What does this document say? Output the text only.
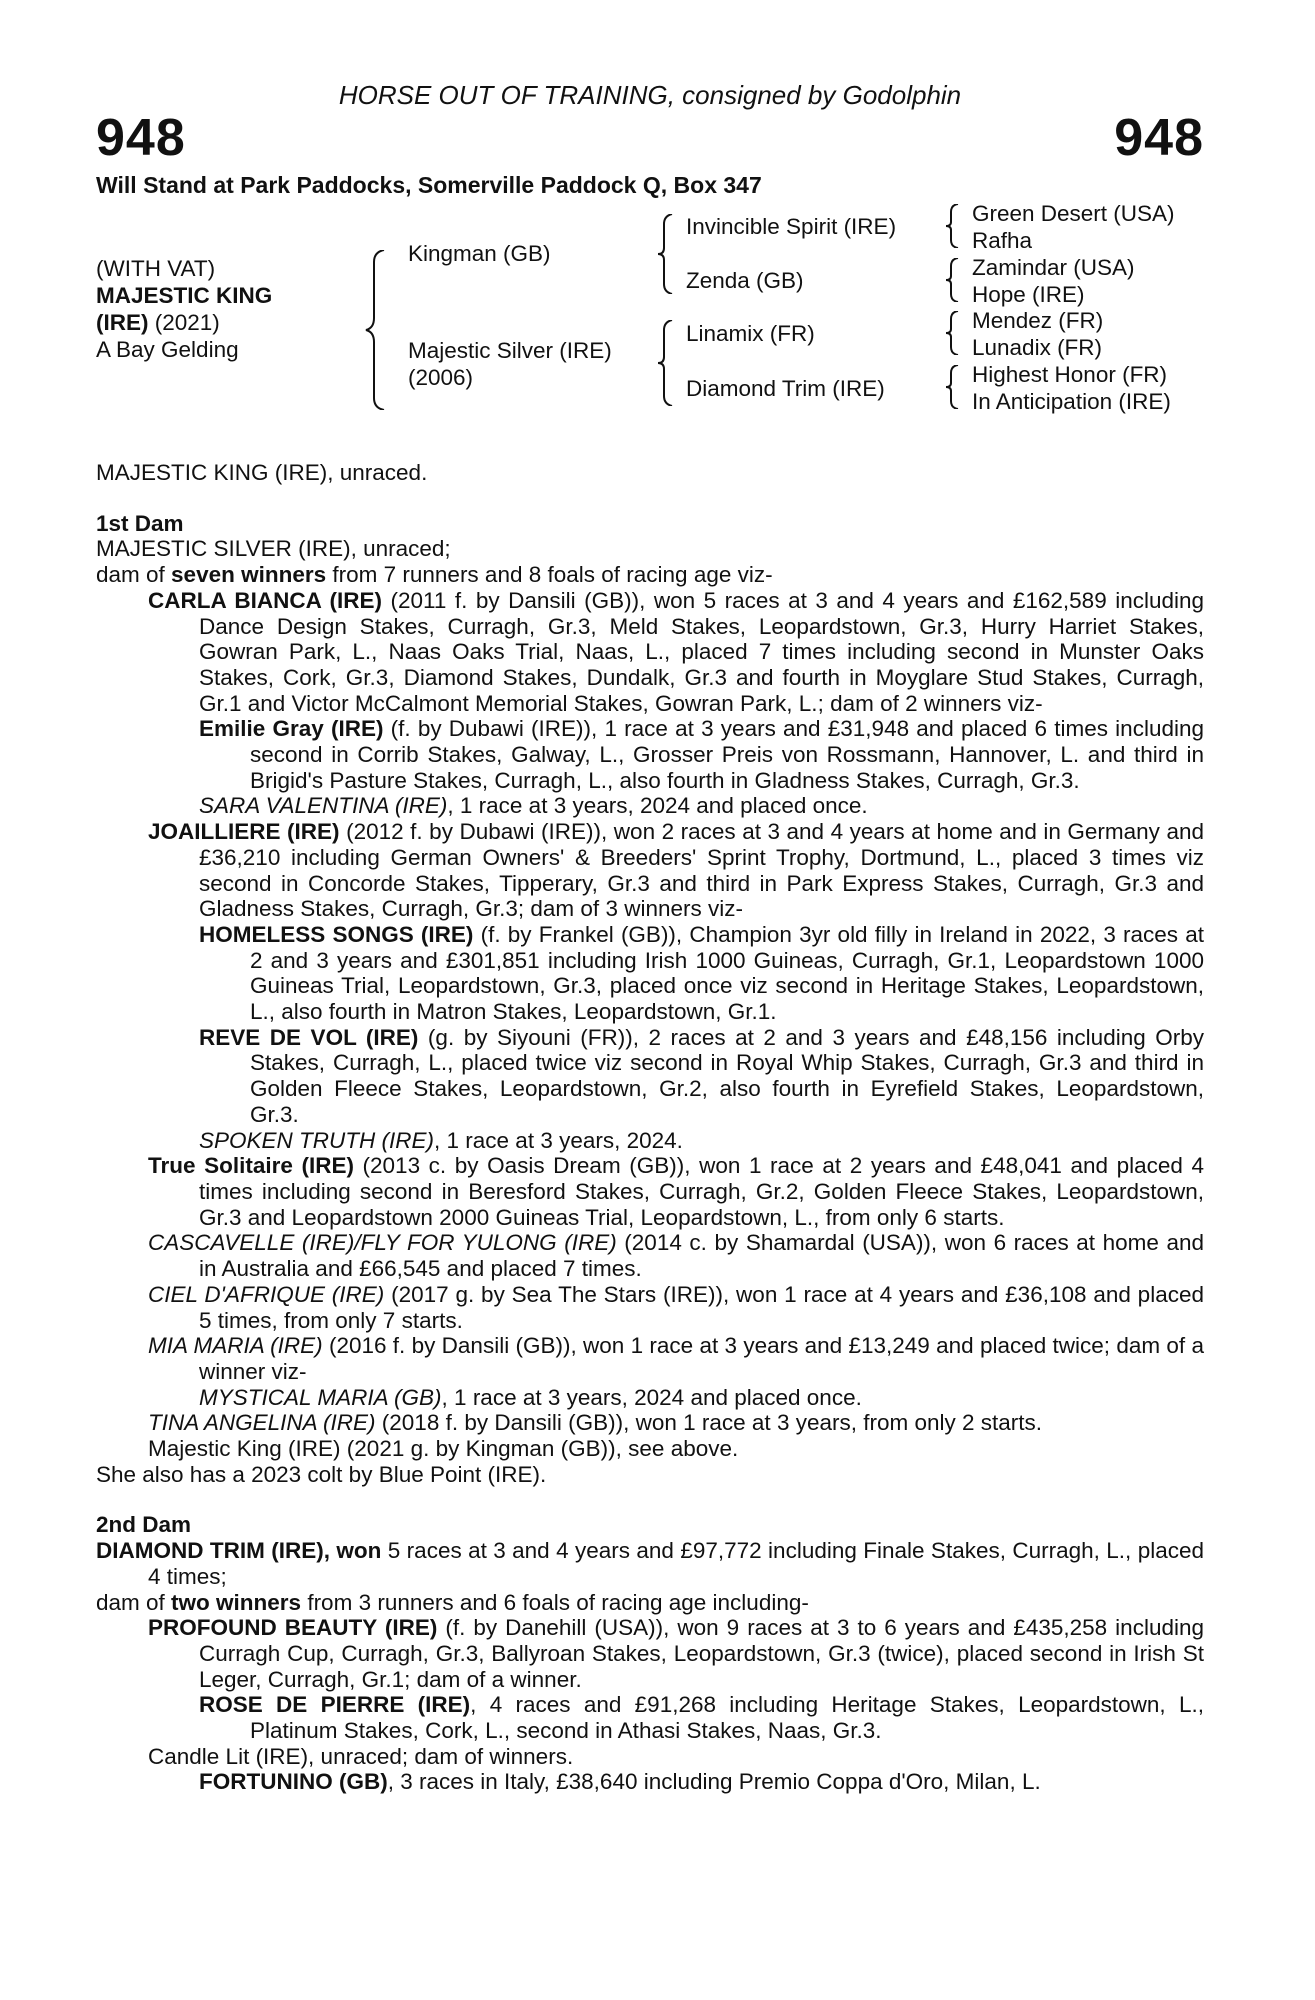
HORSE OUT OF TRAINING, consigned by Godolphin
948	948
Will Stand at Park Paddocks, Somerville Paddock Q, Box 347
(WITH VAT)
MAJESTIC KING
(IRE) (2021)
A Bay Gelding
Kingman (GB)
Majestic Silver (IRE)
(2006)
Invincible Spirit (IRE)
Zenda (GB)
Linamix (FR)
Diamond Trim (IRE)
Green Desert (USA)
Rafha
Zamindar (USA)
Hope (IRE)
Mendez (FR)
Lunadix (FR)
Highest Honor (FR)
In Anticipation (IRE)

MAJESTIC KING (IRE), unraced.

1st Dam

MAJESTIC SILVER (IRE), unraced;

dam of seven winners from 7 runners and 8 foals of racing age viz-

CARLA BIANCA (IRE) (2011 f. by Dansili (GB)), won 5 races at 3 and 4 years and £162,589 including Dance Design Stakes, Curragh, Gr.3, Meld Stakes, Leopardstown, Gr.3, Hurry Harriet Stakes, Gowran Park, L., Naas Oaks Trial, Naas, L., placed 7 times including second in Munster Oaks Stakes, Cork, Gr.3, Diamond Stakes, Dundalk, Gr.3 and fourth in Moyglare Stud Stakes, Curragh, Gr.1 and Victor McCalmont Memorial Stakes, Gowran Park, L.; dam of 2 winners viz-

Emilie Gray (IRE) (f. by Dubawi (IRE)), 1 race at 3 years and £31,948 and placed 6 times including second in Corrib Stakes, Galway, L., Grosser Preis von Rossmann, Hannover, L. and third in Brigid's Pasture Stakes, Curragh, L., also fourth in Gladness Stakes, Curragh, Gr.3.

SARA VALENTINA (IRE), 1 race at 3 years, 2024 and placed once.

JOAILLIERE (IRE) (2012 f. by Dubawi (IRE)), won 2 races at 3 and 4 years at home and in Germany and £36,210 including German Owners' & Breeders' Sprint Trophy, Dortmund, L., placed 3 times viz second in Concorde Stakes, Tipperary, Gr.3 and third in Park Express Stakes, Curragh, Gr.3 and Gladness Stakes, Curragh, Gr.3; dam of 3 winners viz-

HOMELESS SONGS (IRE) (f. by Frankel (GB)), Champion 3yr old filly in Ireland in 2022, 3 races at 2 and 3 years and £301,851 including Irish 1000 Guineas, Curragh, Gr.1, Leopardstown 1000 Guineas Trial, Leopardstown, Gr.3, placed once viz second in Heritage Stakes, Leopardstown, L., also fourth in Matron Stakes, Leopardstown, Gr.1.

REVE DE VOL (IRE) (g. by Siyouni (FR)), 2 races at 2 and 3 years and £48,156 including Orby Stakes, Curragh, L., placed twice viz second in Royal Whip Stakes, Curragh, Gr.3 and third in Golden Fleece Stakes, Leopardstown, Gr.2, also fourth in Eyrefield Stakes, Leopardstown, Gr.3.

SPOKEN TRUTH (IRE), 1 race at 3 years, 2024.

True Solitaire (IRE) (2013 c. by Oasis Dream (GB)), won 1 race at 2 years and £48,041 and placed 4 times including second in Beresford Stakes, Curragh, Gr.2, Golden Fleece Stakes, Leopardstown, Gr.3 and Leopardstown 2000 Guineas Trial, Leopardstown, L., from only 6 starts.

CASCAVELLE (IRE)/FLY FOR YULONG (IRE) (2014 c. by Shamardal (USA)), won 6 races at home and in Australia and £66,545 and placed 7 times.

CIEL D'AFRIQUE (IRE) (2017 g. by Sea The Stars (IRE)), won 1 race at 4 years and £36,108 and placed 5 times, from only 7 starts.

MIA MARIA (IRE) (2016 f. by Dansili (GB)), won 1 race at 3 years and £13,249 and placed twice; dam of a winner viz-

MYSTICAL MARIA (GB), 1 race at 3 years, 2024 and placed once.

TINA ANGELINA (IRE) (2018 f. by Dansili (GB)), won 1 race at 3 years, from only 2 starts.

Majestic King (IRE) (2021 g. by Kingman (GB)), see above.

She also has a 2023 colt by Blue Point (IRE).

2nd Dam

DIAMOND TRIM (IRE), won 5 races at 3 and 4 years and £97,772 including Finale Stakes, Curragh, L., placed 4 times;

dam of two winners from 3 runners and 6 foals of racing age including-

PROFOUND BEAUTY (IRE) (f. by Danehill (USA)), won 9 races at 3 to 6 years and £435,258 including Curragh Cup, Curragh, Gr.3, Ballyroan Stakes, Leopardstown, Gr.3 (twice), placed second in Irish St Leger, Curragh, Gr.1; dam of a winner.

ROSE DE PIERRE (IRE), 4 races and £91,268 including Heritage Stakes, Leopardstown, L., Platinum Stakes, Cork, L., second in Athasi Stakes, Naas, Gr.3.

Candle Lit (IRE), unraced; dam of winners.

FORTUNINO (GB), 3 races in Italy, £38,640 including Premio Coppa d'Oro, Milan, L.
